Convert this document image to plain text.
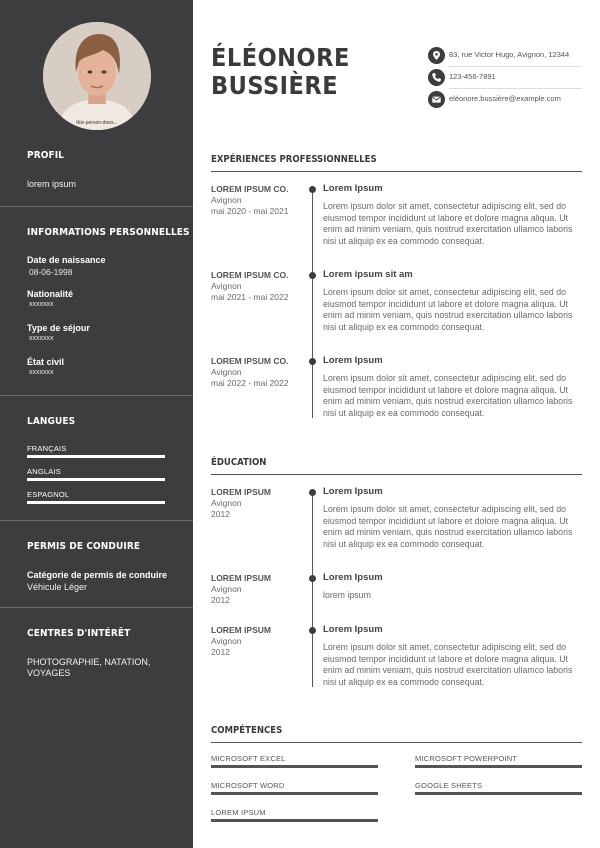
this-person-does...
PROFIL
lorem ipsum
INFORMATIONS PERSONNELLES
Date de naissance
08-06-1998
Nationalité
xxxxxxx
Type de séjour
xxxxxxx
État civil
xxxxxxx
LANGUES
FRANÇAIS
ANGLAIS
ESPAGNOL
PERMIS DE CONDUIRE
Catégorie de permis de conduire
Véhicule Léger
CENTRES D'INTÉRÊT
PHOTOGRAPHIE, NATATION,
VOYAGES
ÉLÉONORE
BUSSIÈRE
83, rue Victor Hugo, Avignon, 12344
123-456-7891
eléonore.bussière@example.com
EXPÉRIENCES PROFESSIONNELLES
LOREM IPSUM CO.
Avignon
mai 2020 - mai 2021
Lorem Ipsum
Lorem ipsum dolor sit amet, consectetur adipiscing elit, sed do eiusmod tempor incididunt ut labore et dolore magna aliqua. Ut enim ad minim veniam, quis nostrud exercitation ullamco laboris nisi ut aliquip ex ea commodo consequat.
LOREM IPSUM CO.
Avignon
mai 2021 - mai 2022
Lorem ipsum sit am
Lorem ipsum dolor sit amet, consectetur adipiscing elit, sed do eiusmod tempor incididunt ut labore et dolore magna aliqua. Ut enim ad minim veniam, quis nostrud exercitation ullamco laboris nisi ut aliquip ex ea commodo consequat.
LOREM IPSUM CO.
Avignon
mai 2022 - mai 2022
Lorem Ipsum
Lorem ipsum dolor sit amet, consectetur adipiscing elit, sed do eiusmod tempor incididunt ut labore et dolore magna aliqua. Ut enim ad minim veniam, quis nostrud exercitation ullamco laboris nisi ut aliquip ex ea commodo consequat.
ÉDUCATION
LOREM IPSUM
Avignon
2012
Lorem Ipsum
Lorem ipsum dolor sit amet, consectetur adipiscing elit, sed do eiusmod tempor incididunt ut labore et dolore magna aliqua. Ut enim ad minim veniam, quis nostrud exercitation ullamco laboris nisi ut aliquip ex ea commodo consequat.
LOREM IPSUM
Avignon
2012
Lorem Ipsum
lorem ipsum
LOREM IPSUM
Avignon
2012
Lorem Ipsum
Lorem ipsum dolor sit amet, consectetur adipiscing elit, sed do eiusmod tempor incididunt ut labore et dolore magna aliqua. Ut enim ad minim veniam, quis nostrud exercitation ullamco laboris nisi ut aliquip ex ea commodo consequat.
COMPÉTENCES
MICROSOFT EXCEL	MICROSOFT POWERPOINT
MICROSOFT WORD	GOOGLE SHEETS
LOREM IPSUM
